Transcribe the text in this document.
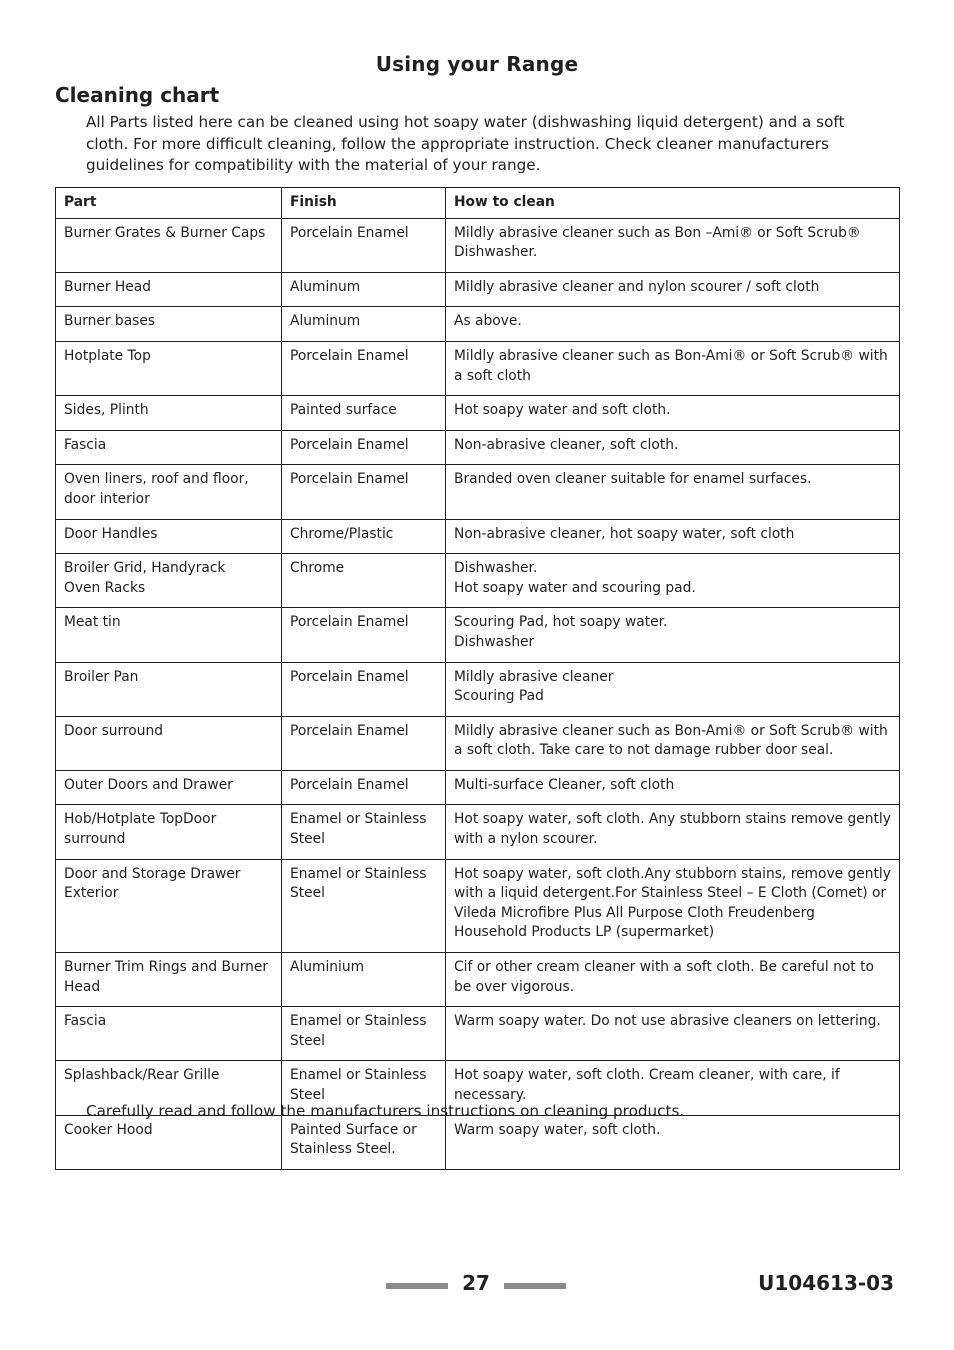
Using your Range
Cleaning chart
All Parts listed here can be cleaned using hot soapy water (dishwashing liquid detergent) and a soft cloth. For more difficult cleaning, follow the appropriate instruction. Check cleaner manufacturers guidelines for compatibility with the material of your range.
Part	Finish	How to clean

Burner Grates & Burner Caps	Porcelain Enamel	Mildly abrasive cleaner such as Bon –Ami® or Soft Scrub® Dishwasher.

Burner Head	Aluminum	Mildly abrasive cleaner and nylon scourer / soft cloth

Burner bases	Aluminum	As above.

Hotplate Top	Porcelain Enamel	Mildly abrasive cleaner such as Bon-Ami® or Soft Scrub® with a soft cloth

Sides, Plinth	Painted surface	Hot soapy water and soft cloth.

Fascia	Porcelain Enamel	Non-abrasive cleaner, soft cloth.

Oven liners, roof and floor, door interior	Porcelain Enamel	Branded oven cleaner suitable for enamel surfaces.

Door Handles	Chrome/Plastic	Non-abrasive cleaner, hot soapy water, soft cloth

Broiler Grid, Handyrack
Oven Racks	Chrome	Dishwasher.
Hot soapy water and scouring pad.

Meat tin	Porcelain Enamel	Scouring Pad, hot soapy water.
Dishwasher

Broiler Pan	Porcelain Enamel	Mildly abrasive cleaner
Scouring Pad

Door surround	Porcelain Enamel	Mildly abrasive cleaner such as Bon-Ami® or Soft Scrub® with a soft cloth. Take care to not damage rubber door seal.

Outer Doors and Drawer	Porcelain Enamel	Multi-surface Cleaner, soft cloth

Hob/Hotplate TopDoor surround	Enamel or Stainless Steel	Hot soapy water, soft cloth. Any stubborn stains remove gently with a nylon scourer.

Door and Storage Drawer Exterior	Enamel or Stainless Steel	Hot soapy water, soft cloth.Any stubborn stains, remove gently with a liquid detergent.For Stainless Steel – E Cloth (Comet) or Vileda Microfibre Plus All Purpose Cloth Freudenberg Household Products LP (supermarket)

Burner Trim Rings and Burner Head	Aluminium	Cif or other cream cleaner with a soft cloth. Be careful not to be over vigorous.

Fascia	Enamel or Stainless Steel	Warm soapy water. Do not use abrasive cleaners on lettering.

Splashback/Rear Grille	Enamel or Stainless Steel	Hot soapy water, soft cloth. Cream cleaner, with care, if necessary.

Cooker Hood	Painted Surface or Stainless Steel.	Warm soapy water, soft cloth.
Carefully read and follow the manufacturers instructions on cleaning products.
27	U104613-03
